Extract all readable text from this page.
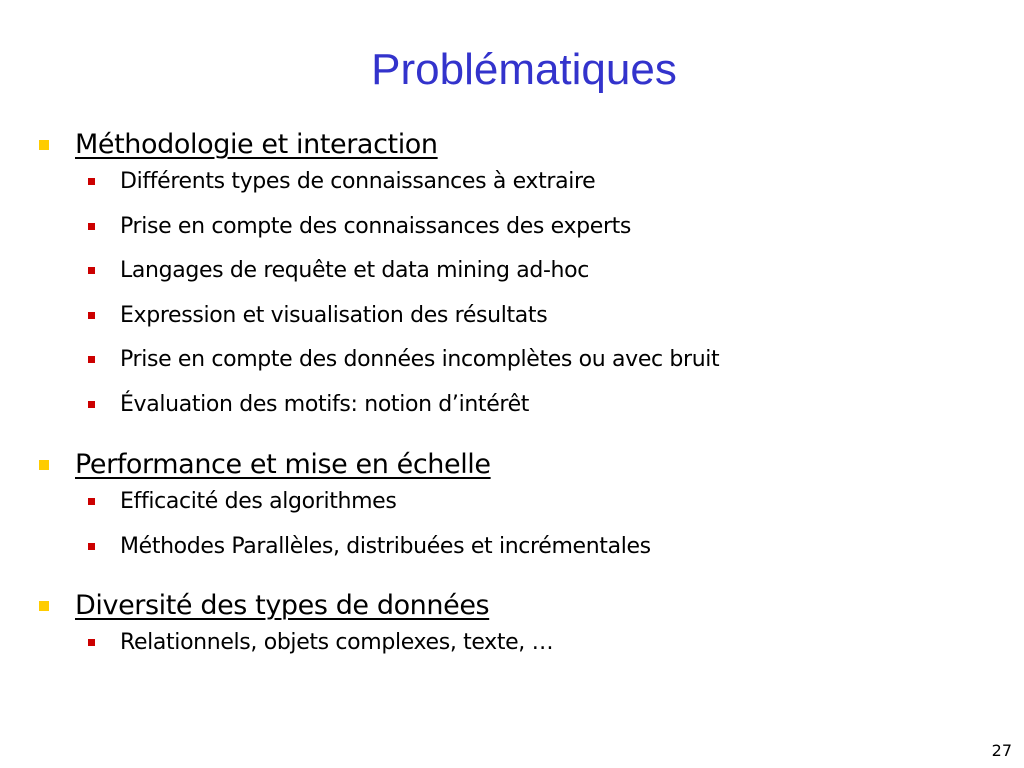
Problématiques
Méthodologie et interaction
Différents types de connaissances à extraire
Prise en compte des connaissances des experts
Langages de requête et data mining ad-hoc
Expression et visualisation des résultats
Prise en compte des données incomplètes ou avec bruit
Évaluation des motifs: notion d’intérêt
Performance et mise en échelle
Efficacité des algorithmes
Méthodes Parallèles, distribuées et incrémentales
Diversité des types de données
Relationnels, objets complexes, texte, …
27
